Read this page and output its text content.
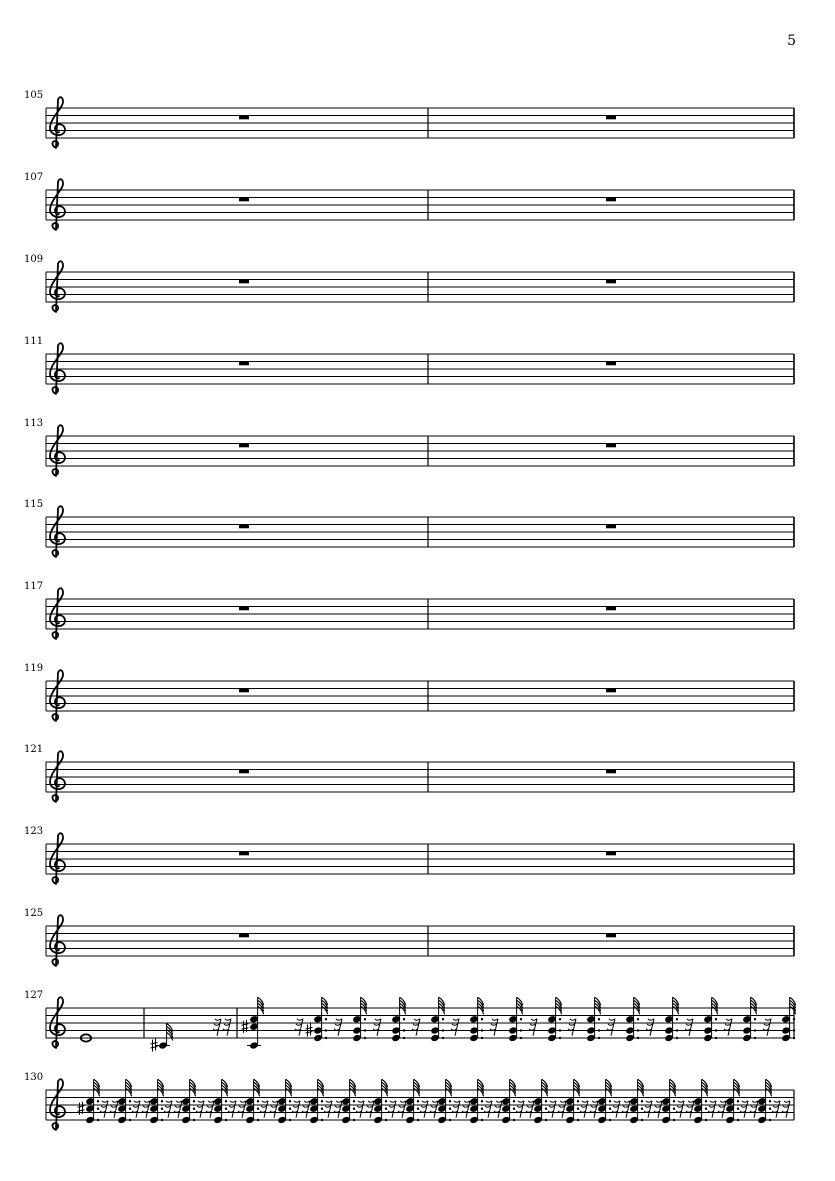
5
105
107
109
111
113
115
117
119
121
123
125
127
130
